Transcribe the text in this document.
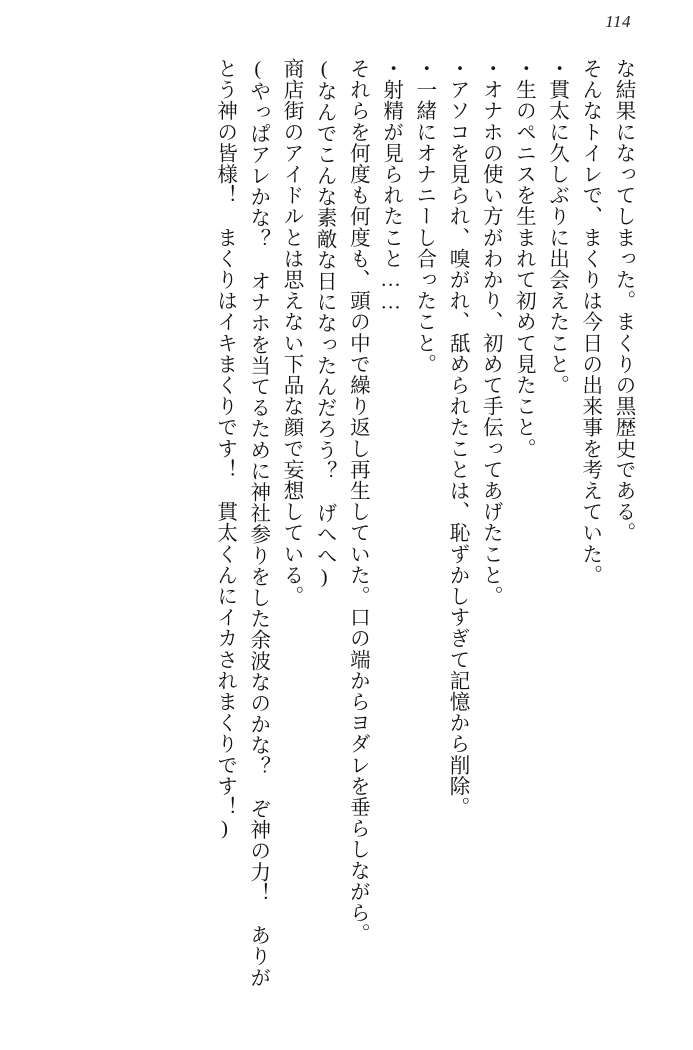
114

な結果になってしまった。まくりの黒歴史である。

そんなトイレで、まくりは今日の出来事を考えていた。

・貫太に久しぶりに出会えたこと。

・生のペニスを生まれて初めて見たこと。

・オナホの使い方がわかり、初めて手伝ってあげたこと。

・アソコを見られ、嗅がれ、舐められたことは、恥ずかしすぎて記憶から削除。

・一緒にオナニーし合ったこと。

・射精が見られたこと……

それらを何度も何度も、頭の中で繰り返し再生していた。口の端からヨダレを垂らしながら。

(なんでこんな素敵な日になったんだろう？　げへへ)

商店街のアイドルとは思えない下品な顔で妄想している。

(やっぱアレかな？　オナホを当てるために神社参りをした余波なのかな？　ぞ神の力！　ありがとう神の皆様！　まくりはイキまくりです！　貫太くんにイカされまくりです！)
